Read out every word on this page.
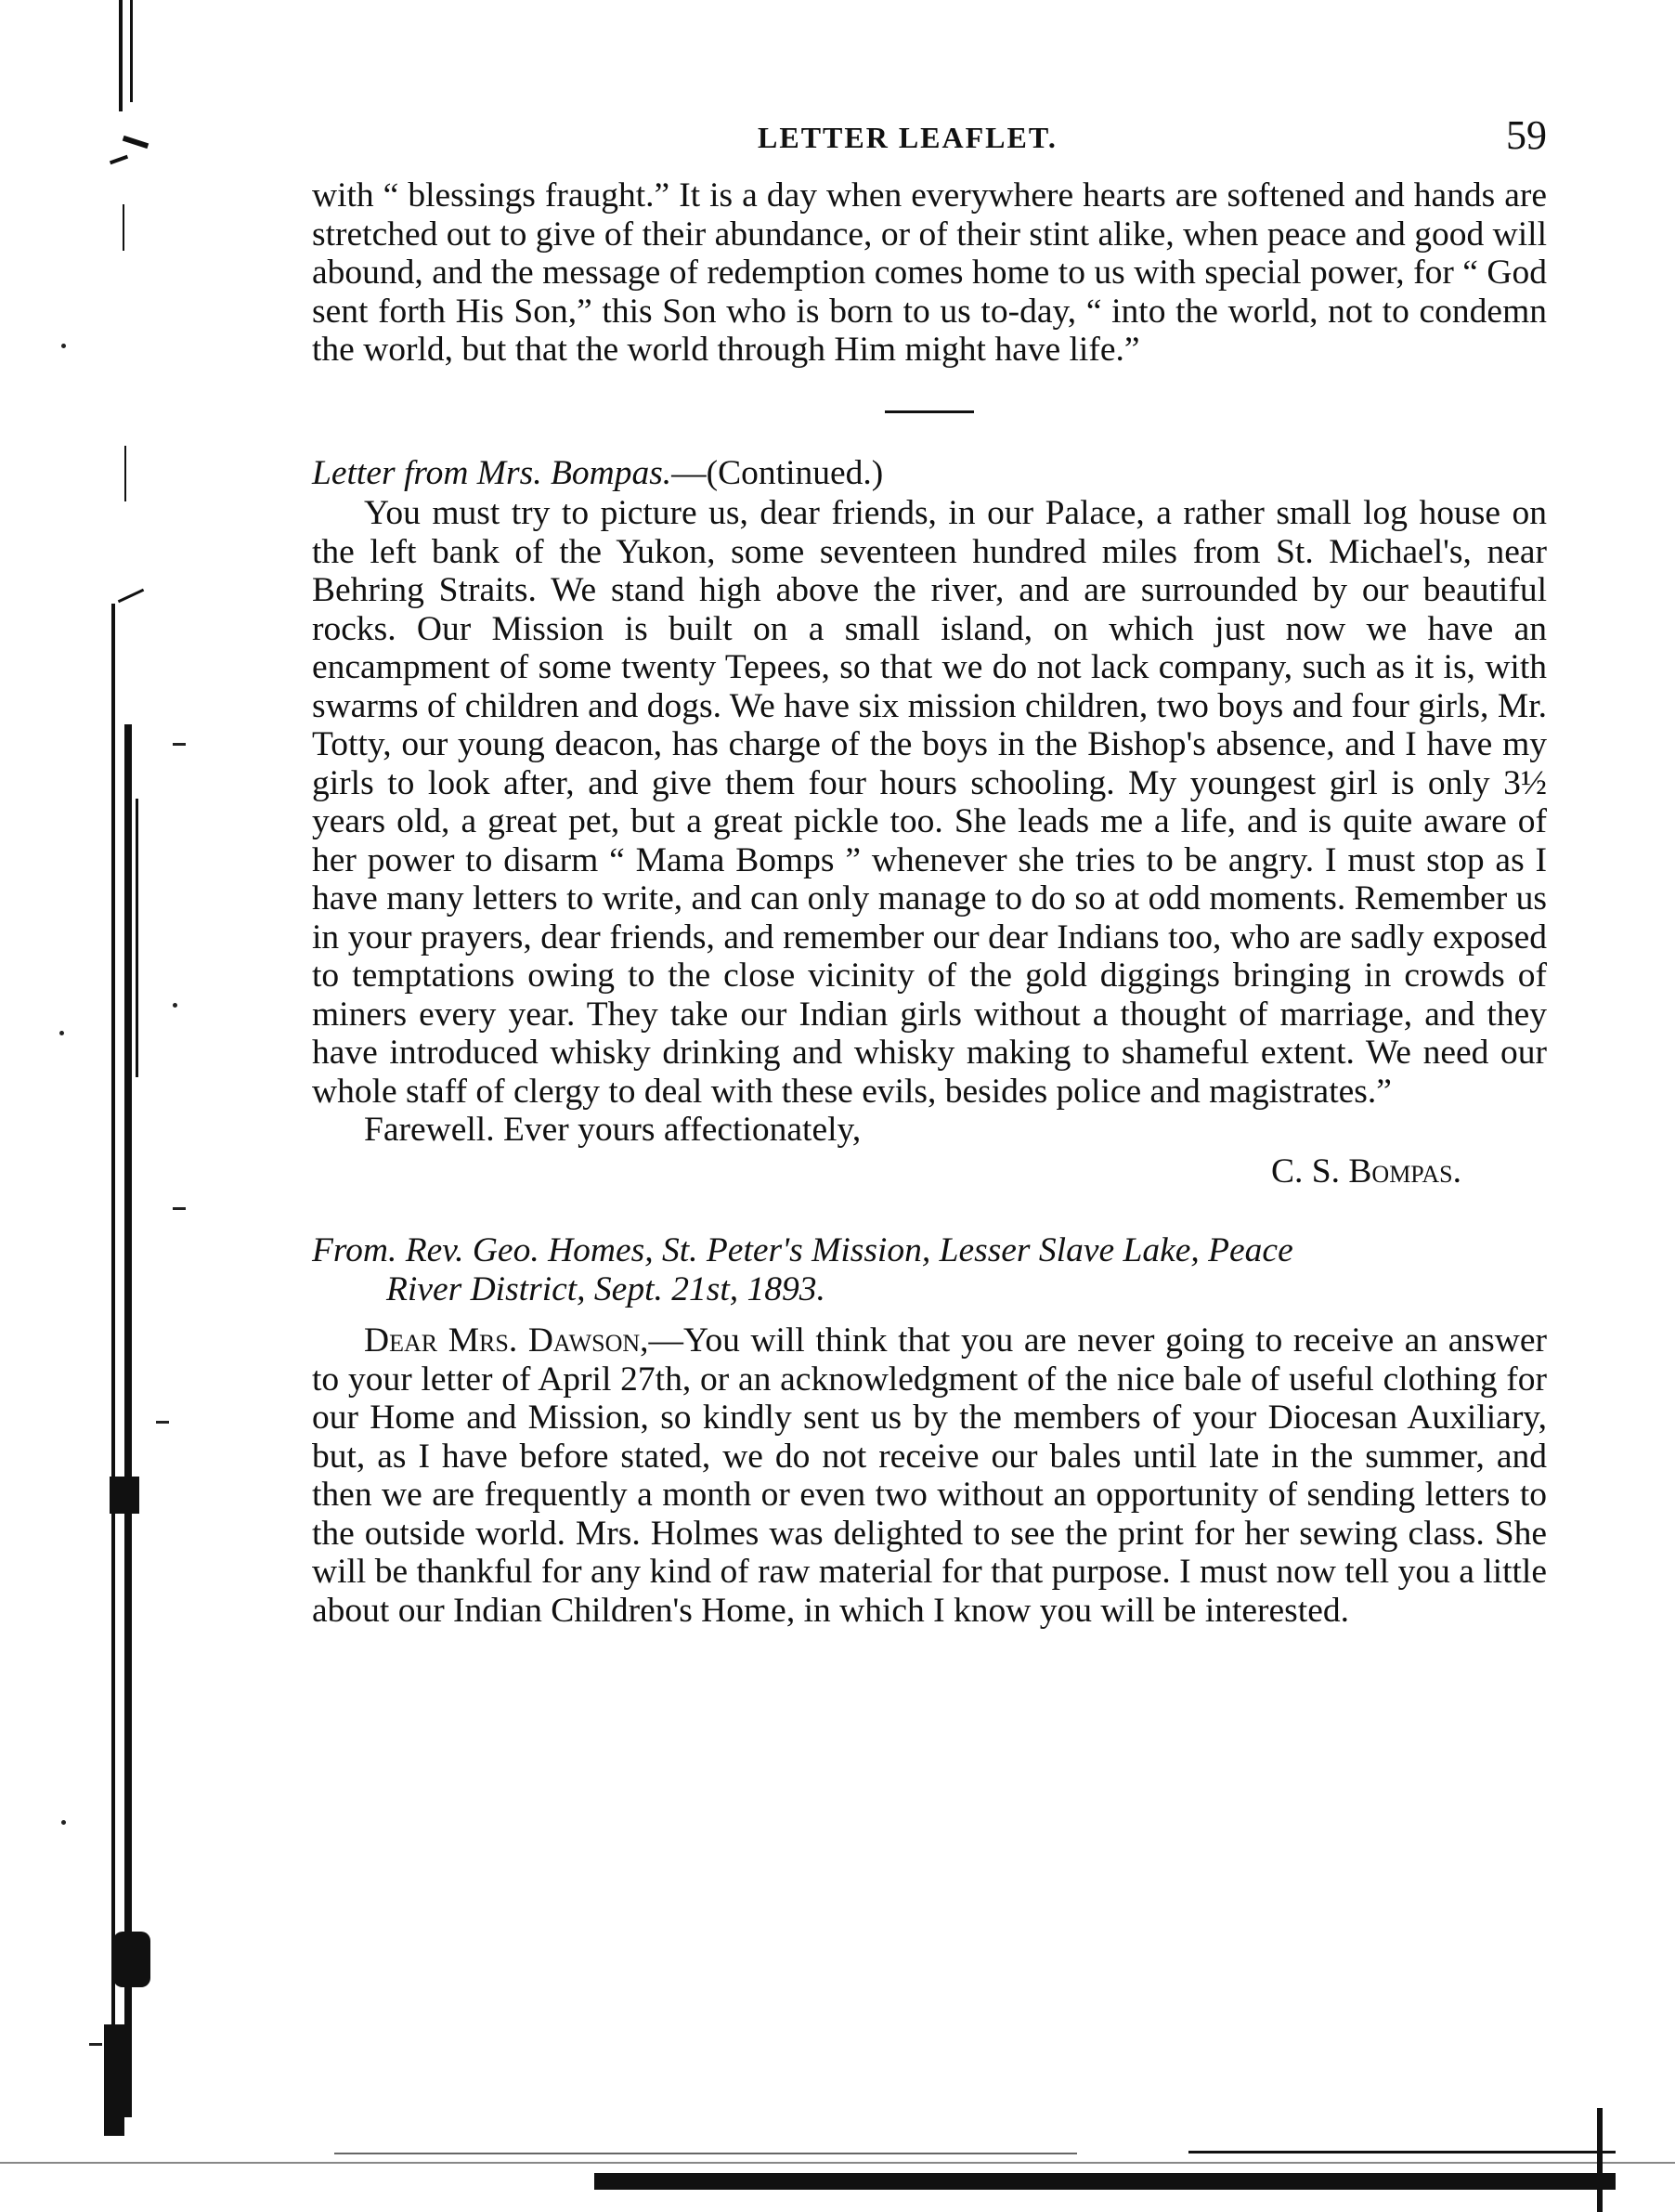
LETTER LEAFLET.	59

with “ blessings fraught.” It is a day when everywhere hearts are softened and hands are stretched out to give of their abundance, or of their stint alike, when peace and good will abound, and the message of redemption comes home to us with special power, for “ God sent forth His Son,” this Son who is born to us to-day, “ into the world, not to condemn the world, but that the world through Him might have life.”

Letter from Mrs. Bompas.—(Continued.)

You must try to picture us, dear friends, in our Palace, a rather small log house on the left bank of the Yukon, some seventeen hundred miles from St. Michael's, near Behring Straits. We stand high above the river, and are surrounded by our beautiful rocks. Our Mission is built on a small island, on which just now we have an encampment of some twenty Tepees, so that we do not lack company, such as it is, with swarms of children and dogs. We have six mission children, two boys and four girls, Mr. Totty, our young deacon, has charge of the boys in the Bishop's absence, and I have my girls to look after, and give them four hours schooling. My youngest girl is only 3½ years old, a great pet, but a great pickle too. She leads me a life, and is quite aware of her power to disarm “ Mama Bomps ” whenever she tries to be angry. I must stop as I have many letters to write, and can only manage to do so at odd moments. Remember us in your prayers, dear friends, and remember our dear Indians too, who are sadly exposed to temptations owing to the close vicinity of the gold diggings bringing in crowds of miners every year. They take our Indian girls without a thought of marriage, and they have introduced whisky drinking and whisky making to shameful extent. We need our whole staff of clergy to deal with these evils, besides police and magistrates.”

Farewell. Ever yours affectionately,

C. S. Bompas.
From. Rev. Geo. Homes, St. Peter's Mission, Lesser Slave Lake, Peace
River District, Sept. 21st, 1893.

Dear Mrs. Dawson,—You will think that you are never going to receive an answer to your letter of April 27th, or an acknowledgment of the nice bale of useful clothing for our Home and Mission, so kindly sent us by the members of your Diocesan Auxiliary, but, as I have before stated, we do not receive our bales until late in the summer, and then we are frequently a month or even two without an opportunity of sending letters to the outside world. Mrs. Holmes was delighted to see the print for her sewing class. She will be thankful for any kind of raw material for that purpose. I must now tell you a little about our Indian Children's Home, in which I know you will be interested.
